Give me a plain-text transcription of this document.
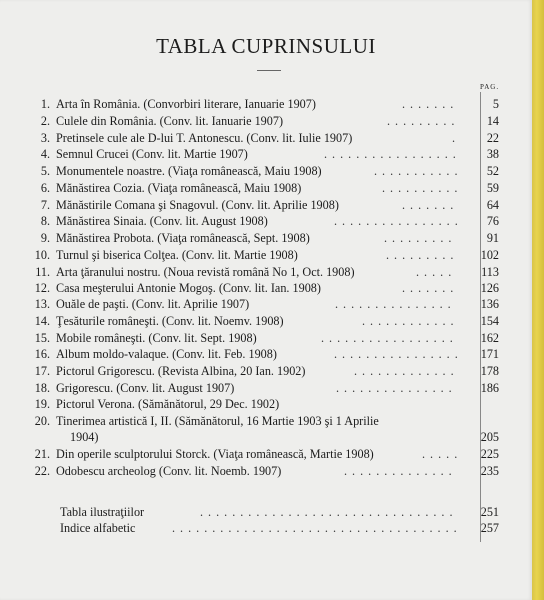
TABLA CUPRINSULUI
PAG.
1. Arta în România. (Convorbiri literare, Ianuarie 1907)	.......	5
2. Culele din România. (Conv. lit. Ianuarie 1907)	.........	14
3. Pretinsele cule ale D-lui T. Antonescu. (Conv. lit. Iulie 1907)	.	22
4. Semnul Crucei (Conv. lit. Martie 1907)	.................	38
5. Monumentele noastre. (Viaţa românească, Maiu 1908)	...........	52
6. Mănăstirea Cozia. (Viaţa românească, Maiu 1908)	..........	59
7. Mănăstirile Comana şi Snagovul. (Conv. lit. Aprilie 1908)	.......	64
8. Mănăstirea Sinaia. (Conv. lit. August 1908)	................	76
9. Mănăstirea Probota. (Viaţa românească, Sept. 1908)	.........	91
10. Turnul şi biserica Colţea. (Conv. lit. Martie 1908)	.........	102
11. Arta ţăranului nostru. (Noua revistă română No 1, Oct. 1908)	.....	113
12. Casa meşterului Antonie Mogoş. (Conv. lit. Ian. 1908)	.......	126
13. Ouăle de paşti. (Conv. lit. Aprilie 1907)	...............	136
14. Ţesăturile româneşti. (Conv. lit. Noemv. 1908)	............	154
15. Mobile româneşti. (Conv. lit. Sept. 1908)	.................	162
16. Album moldo-valaque. (Conv. lit. Feb. 1908)	................	171
17. Pictorul Grigorescu. (Revista Albina, 20 Ian. 1902)	.............	178
18. Grigorescu. (Conv. lit. August 1907)	...............	186
19. Pictorul Verona. (Sămănătorul, 29 Dec. 1902)
20. Tinerimea artistică I, II. (Sămănătorul, 16 Martie 1903 şi 1 Aprilie
1904)	205
21. Din operile sculptorului Storck. (Viaţa românească, Martie 1908)	.....	225
22. Odobescu archeolog (Conv. lit. Noemb. 1907)	..............	235
Tabla ilustraţiilor	................................	251
Indice alfabetic	....................................	257
